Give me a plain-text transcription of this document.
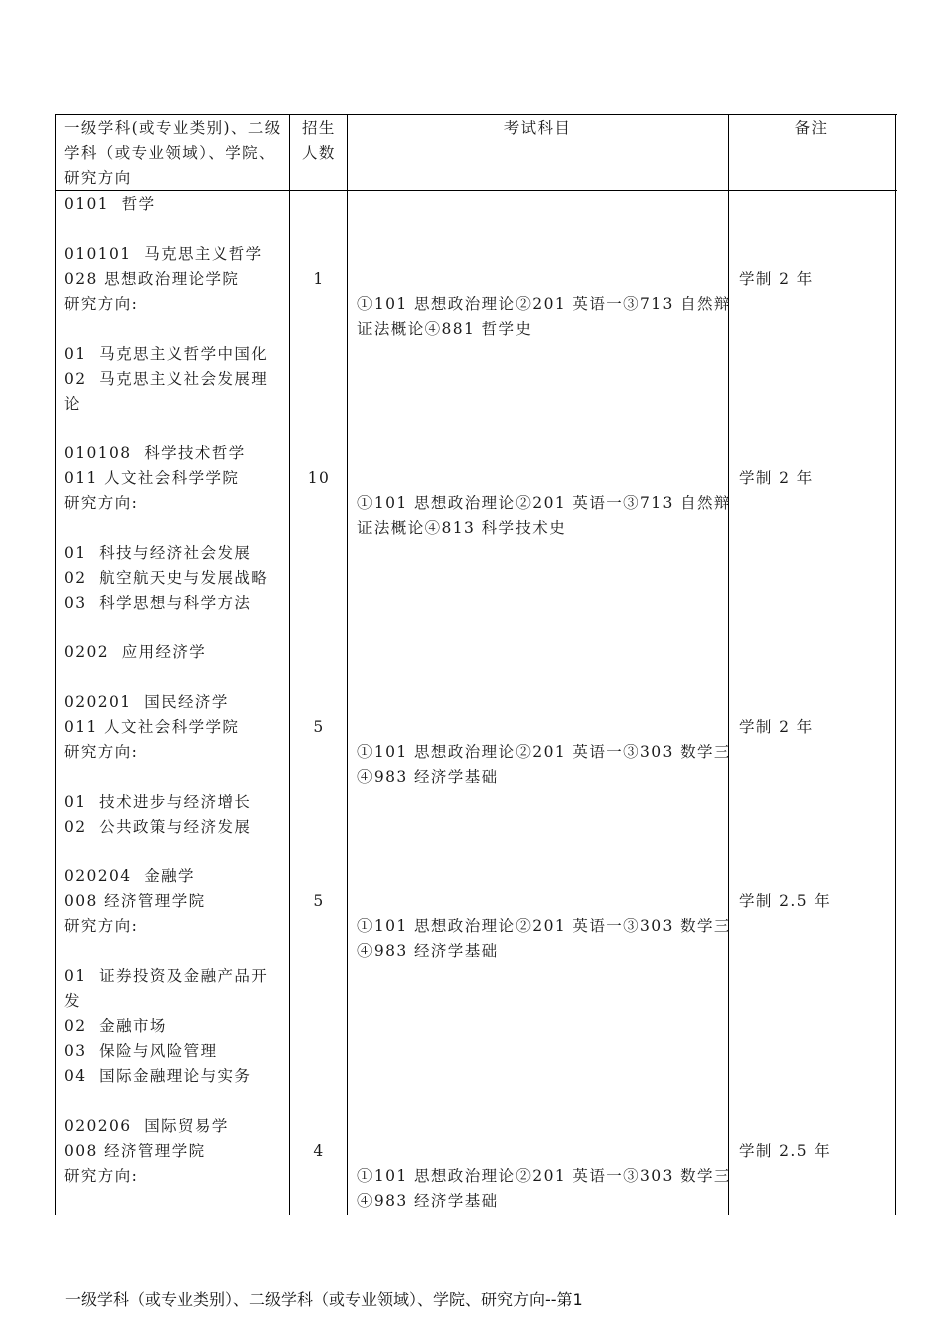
一级学科(或专业类别)、二级学科（或专业领域）、学院、研究方向
招生人数
考试科目	备注
0101  哲学
010101  马克思主义哲学
028 思想政治理论学院
研究方向:
01  马克思主义哲学中国化
02  马克思主义社会发展理
论
010108  科学技术哲学
011 人文社会科学学院
研究方向:
01  科技与经济社会发展
02  航空航天史与发展战略
03  科学思想与科学方法
0202  应用经济学
020201  国民经济学
011 人文社会科学学院
研究方向:
01  技术进步与经济增长
02  公共政策与经济发展
020204  金融学
008 经济管理学院
研究方向:
01  证券投资及金融产品开
发
02  金融市场
03  保险与风险管理
04  国际金融理论与实务
020206  国际贸易学
008 经济管理学院
研究方向:
1
①101 思想政治理论②201 英语一③713 自然辩
证法概论④881 哲学史
学制 2 年
10
①101 思想政治理论②201 英语一③713 自然辩
证法概论④813 科学技术史
学制 2 年
5
①101 思想政治理论②201 英语一③303 数学三
④983 经济学基础
学制 2 年
5
①101 思想政治理论②201 英语一③303 数学三
④983 经济学基础
学制 2.5 年
4
①101 思想政治理论②201 英语一③303 数学三
④983 经济学基础
学制 2.5 年
一级学科（或专业类别）、二级学科（或专业领域）、学院、研究方向--第1
